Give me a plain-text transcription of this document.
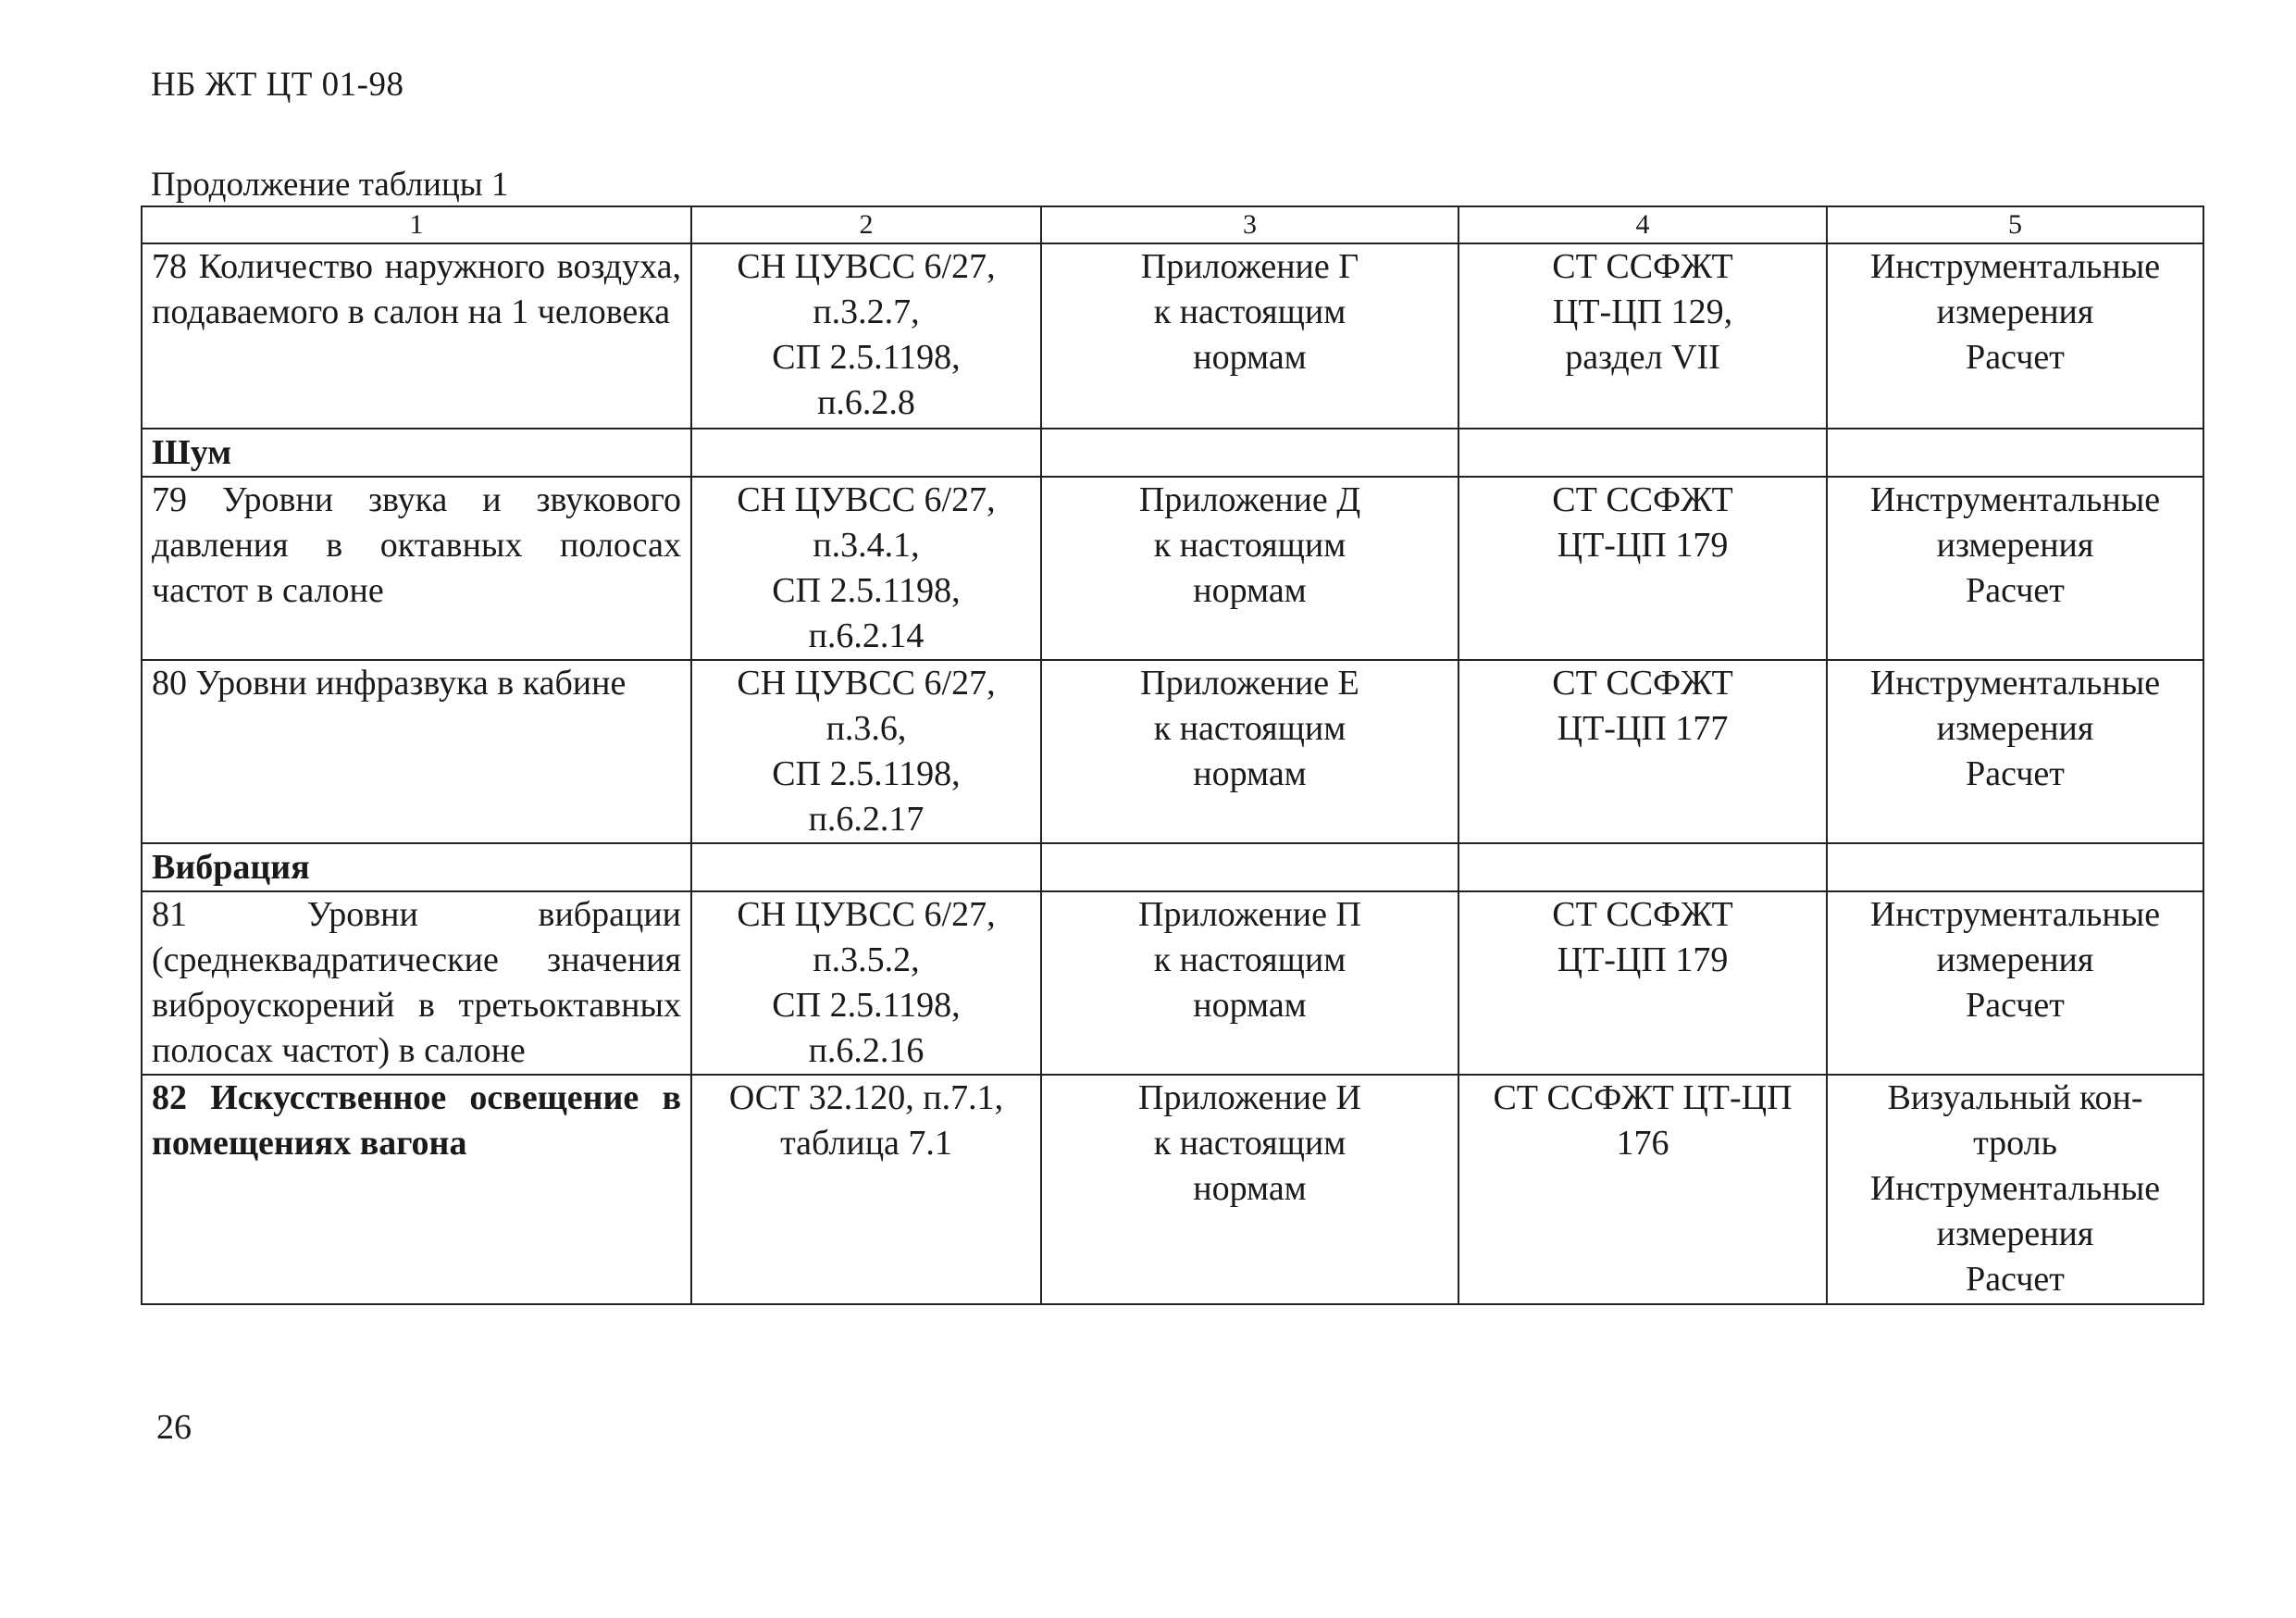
НБ ЖТ ЦТ 01-98
Продолжение таблицы 1
1	2	3	4	5
78 Количество наружного воздуха, подаваемого в салон на 1 человека	СН ЦУВСС 6/27,
п.3.2.7,
СП 2.5.1198,
п.6.2.8	Приложение Г
к настоящим
нормам	СТ ССФЖТ
ЦТ-ЦП 129,
раздел VII	Инструментальные
измерения
Расчет

Шум				
79 Уровни звука и звукового давления в октавных полосах частот в салоне	СН ЦУВСС 6/27,
п.3.4.1,
СП 2.5.1198,
п.6.2.14	Приложение Д
к настоящим
нормам	СТ ССФЖТ
ЦТ-ЦП 179	Инструментальные
измерения
Расчет

80 Уровни инфразвука в кабине	СН ЦУВСС 6/27,
п.3.6,
СП 2.5.1198,
п.6.2.17	Приложение Е
к настоящим
нормам	СТ ССФЖТ
ЦТ-ЦП 177	Инструментальные
измерения
Расчет

Вибрация				
81 Уровни вибрации (среднеквадратические значения виброускорений в третьоктавных полосах частот) в салоне	СН ЦУВСС 6/27,
п.3.5.2,
СП 2.5.1198,
п.6.2.16	Приложение П
к настоящим
нормам	СТ ССФЖТ
ЦТ-ЦП 179	Инструментальные
измерения
Расчет

82 Искусственное освещение в помещениях вагона	ОСТ 32.120, п.7.1,
таблица 7.1	Приложение И
к настоящим
нормам	СТ ССФЖТ ЦТ-ЦП
176	Визуальный кон-
троль
Инструментальные
измерения
Расчет
26
